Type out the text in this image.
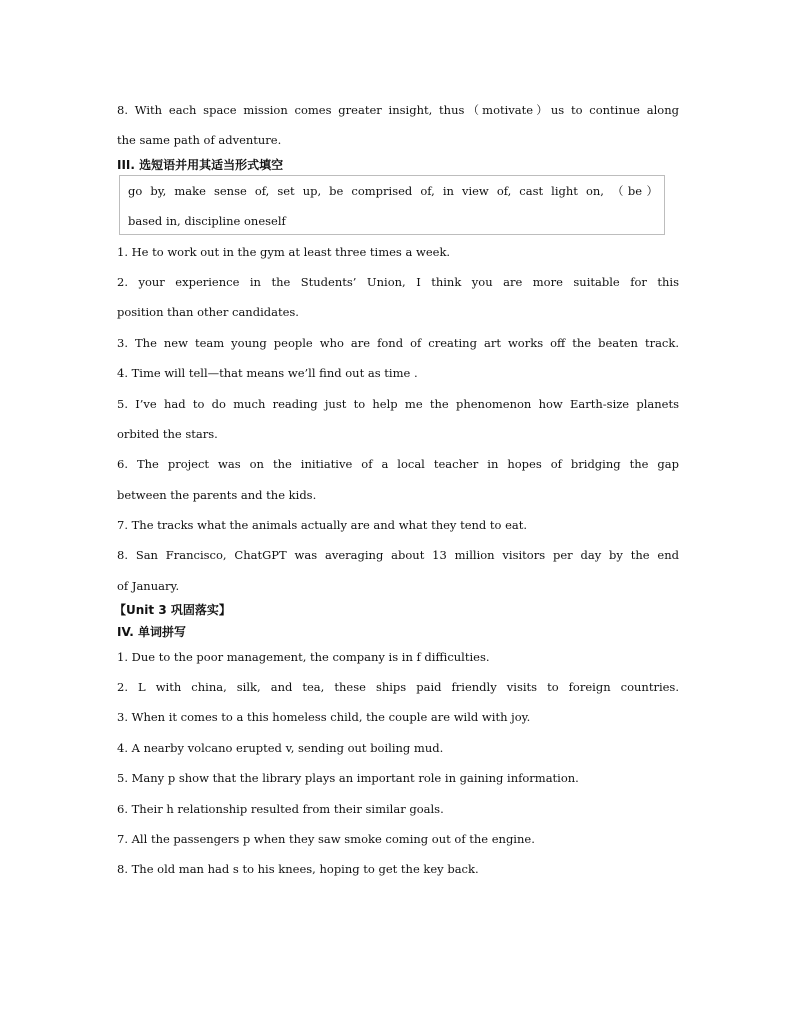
8. With each space mission comes greater insight, thus（motivate）us to continue along
the same path of adventure.
III. 选短语并用其适当形式填空
go by, make sense of, set up, be comprised of, in view of, cast light on, （be）
based in, discipline oneself
1. He to work out in the gym at least three times a week.
2. your experience in the Students’ Union, I think you are more suitable for this
position than other candidates.
3. The new team young people who are fond of creating art works off the beaten track.
4. Time will tell—that means we’ll find out as time .
5. I’ve had to do much reading just to help me the phenomenon how Earth-size planets
orbited the stars.
6. The project was on the initiative of a local teacher in hopes of bridging the gap
between the parents and the kids.
7. The tracks what the animals actually are and what they tend to eat.
8. San Francisco, ChatGPT was averaging about 13 million visitors per day by the end
of January.
【Unit 3 巩固落实】
IV. 单词拼写
1. Due to the poor management, the company is in f difficulties.
2. L with china, silk, and tea, these ships paid friendly visits to foreign countries.
3. When it comes to a this homeless child, the couple are wild with joy.
4. A nearby volcano erupted v, sending out boiling mud.
5. Many p show that the library plays an important role in gaining information.
6. Their h relationship resulted from their similar goals.
7. All the passengers p when they saw smoke coming out of the engine.
8. The old man had s to his knees, hoping to get the key back.
